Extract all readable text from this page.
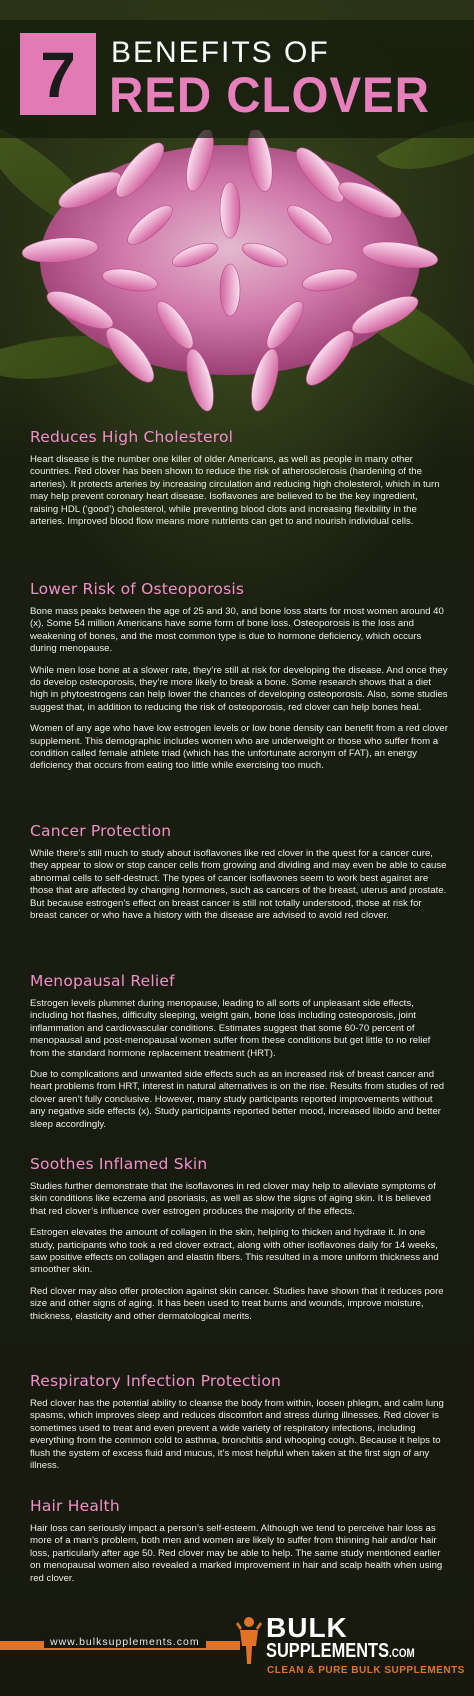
7	BENEFITS OF
RED CLOVER
Reduces High Cholesterol

Heart disease is the number one killer of older Americans, as well as people in many other countries. Red clover has been shown to reduce the risk of atherosclerosis (hardening of the arteries). It protects arteries by increasing circulation and reducing high cholesterol, which in turn may help prevent coronary heart disease. Isoflavones are believed to be the key ingredient, raising HDL (‘good’) cholesterol, while preventing blood clots and increasing flexibility in the arteries. Improved blood flow means more nutrients can get to and nourish individual cells.

Lower Risk of Osteoporosis

Bone mass peaks between the age of 25 and 30, and bone loss starts for most women around 40 (x). Some 54 million Americans have some form of bone loss. Osteoporosis is the loss and weakening of bones, and the most common type is due to hormone deficiency, which occurs during menopause.

While men lose bone at a slower rate, they’re still at risk for developing the disease. And once they do develop osteoporosis, they’re more likely to break a bone. Some research shows that a diet high in phytoestrogens can help lower the chances of developing osteoporosis. Also, some studies suggest that, in addition to reducing the risk of osteoporosis, red clover can help bones heal.

Women of any age who have low estrogen levels or low bone density can benefit from a red clover supplement. This demographic includes women who are underweight or those who suffer from a condition called female athlete triad (which has the unfortunate acronym of FAT), an energy deficiency that occurs from eating too little while exercising too much.

Cancer Protection

While there’s still much to study about isoflavones like red clover in the quest for a cancer cure, they appear to slow or stop cancer cells from growing and dividing and may even be able to cause abnormal cells to self-destruct. The types of cancer isoflavones seem to work best against are those that are affected by changing hormones, such as cancers of the breast, uterus and prostate. But because estrogen’s effect on breast cancer is still not totally understood, those at risk for breast cancer or who have a history with the disease are advised to avoid red clover.

Menopausal Relief

Estrogen levels plummet during menopause, leading to all sorts of unpleasant side effects, including hot flashes, difficulty sleeping, weight gain, bone loss including osteoporosis, joint inflammation and cardiovascular conditions. Estimates suggest that some 60-70 percent of menopausal and post-menopausal women suffer from these conditions but get little to no relief from the standard hormone replacement treatment (HRT).

Due to complications and unwanted side effects such as an increased risk of breast cancer and heart problems from HRT, interest in natural alternatives is on the rise. Results from studies of red clover aren’t fully conclusive. However, many study participants reported improvements without any negative side effects (x). Study participants reported better mood, increased libido and better sleep accordingly.

Soothes Inflamed Skin

Studies further demonstrate that the isoflavones in red clover may help to alleviate symptoms of skin conditions like eczema and psoriasis, as well as slow the signs of aging skin. It is believed that red clover’s influence over estrogen produces the majority of the effects.

Estrogen elevates the amount of collagen in the skin, helping to thicken and hydrate it. In one study, participants who took a red clover extract, along with other isoflavones daily for 14 weeks, saw positive effects on collagen and elastin fibers. This resulted in a more uniform thickness and smoother skin.

Red clover may also offer protection against skin cancer. Studies have shown that it reduces pore size and other signs of aging. It has been used to treat burns and wounds, improve moisture, thickness, elasticity and other dermatological merits.

Respiratory Infection Protection

Red clover has the potential ability to cleanse the body from within, loosen phlegm, and calm lung spasms, which improves sleep and reduces discomfort and stress during illnesses. Red clover is sometimes used to treat and even prevent a wide variety of respiratory infections, including everything from the common cold to asthma, bronchitis and whooping cough. Because it helps to flush the system of excess fluid and mucus, it’s most helpful when taken at the first sign of any illness.

Hair Health

Hair loss can seriously impact a person’s self-esteem. Although we tend to perceive hair loss as more of a man’s problem, both men and women are likely to suffer from thinning hair and/or hair loss, particularly after age 50. Red clover may be able to help. The same study mentioned earlier on menopausal women also revealed a marked improvement in hair and scalp health when using red clover.

www.bulksupplements.com BULK
SUPPLEMENTS.COM
CLEAN & PURE BULK SUPPLEMENTS
